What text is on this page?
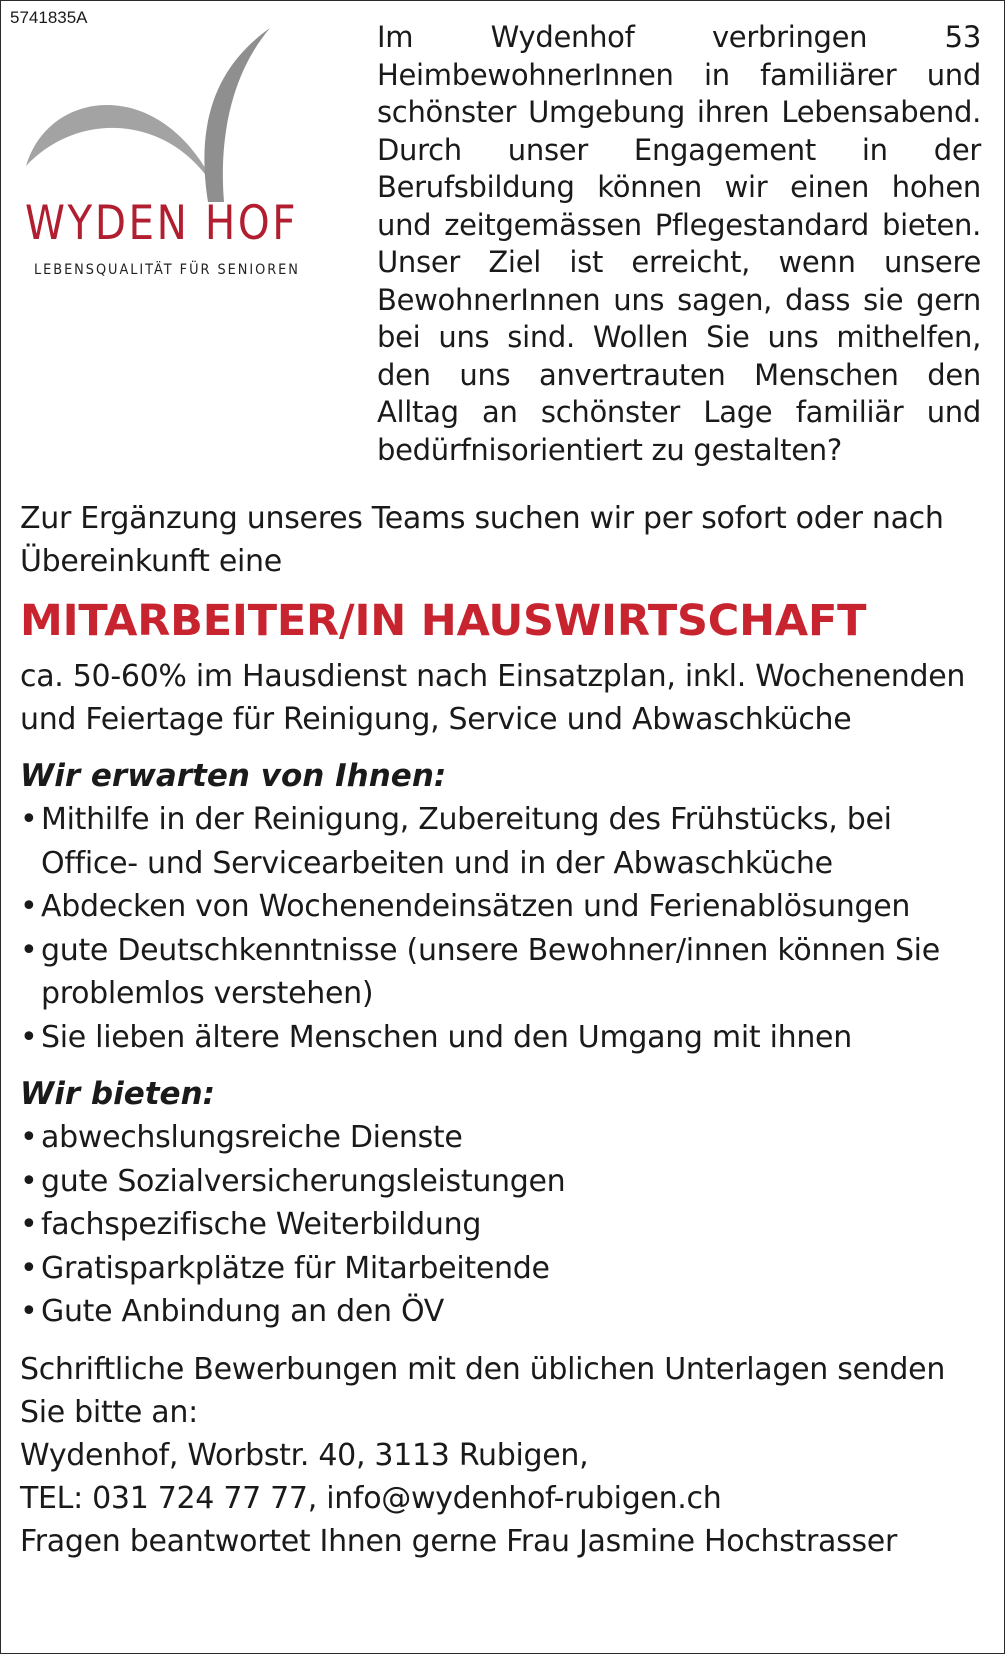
5741835A
WYDEN HOF
LEBENSQUALITÄT FÜR SENIOREN
Im Wydenhof verbringen 53 HeimbewohnerInnen in familiärer und schönster Umgebung ihren Lebensabend. Durch unser Engagement in der Berufsbildung können wir einen hohen und zeitgemässen Pflegestandard bieten. Unser Ziel ist erreicht, wenn unsere BewohnerInnen uns sagen, dass sie gern bei uns sind. Wollen Sie uns mithelfen, den uns anvertrauten Menschen den Alltag an schönster Lage familiär und bedürfnisorientiert zu gestalten?

Zur Ergänzung unseres Teams suchen wir per sofort oder nach Übereinkunft eine

MITARBEITER/IN HAUSWIRTSCHAFT

ca. 50-60% im Hausdienst nach Einsatzplan, inkl. Wochenenden und Feiertage für Reinigung, Service und Abwaschküche

Wir erwarten von Ihnen:
• Mithilfe in der Reinigung, Zubereitung des Frühstücks, bei Office- und Servicearbeiten und in der Abwaschküche
• Abdecken von Wochenendeinsätzen und Ferienablösungen
• gute Deutschkenntnisse (unsere Bewohner/innen können Sie problemlos verstehen)
• Sie lieben ältere Menschen und den Umgang mit ihnen
Wir bieten:
• abwechslungsreiche Dienste
• gute Sozialversicherungsleistungen
• fachspezifische Weiterbildung
• Gratisparkplätze für Mitarbeitende
• Gute Anbindung an den ÖV

Schriftliche Bewerbungen mit den üblichen Unterlagen senden Sie bitte an:

Wydenhof, Worbstr. 40, 3113 Rubigen,

TEL: 031 724 77 77, info@wydenhof-rubigen.ch

Fragen beantwortet Ihnen gerne Frau Jasmine Hochstrasser
